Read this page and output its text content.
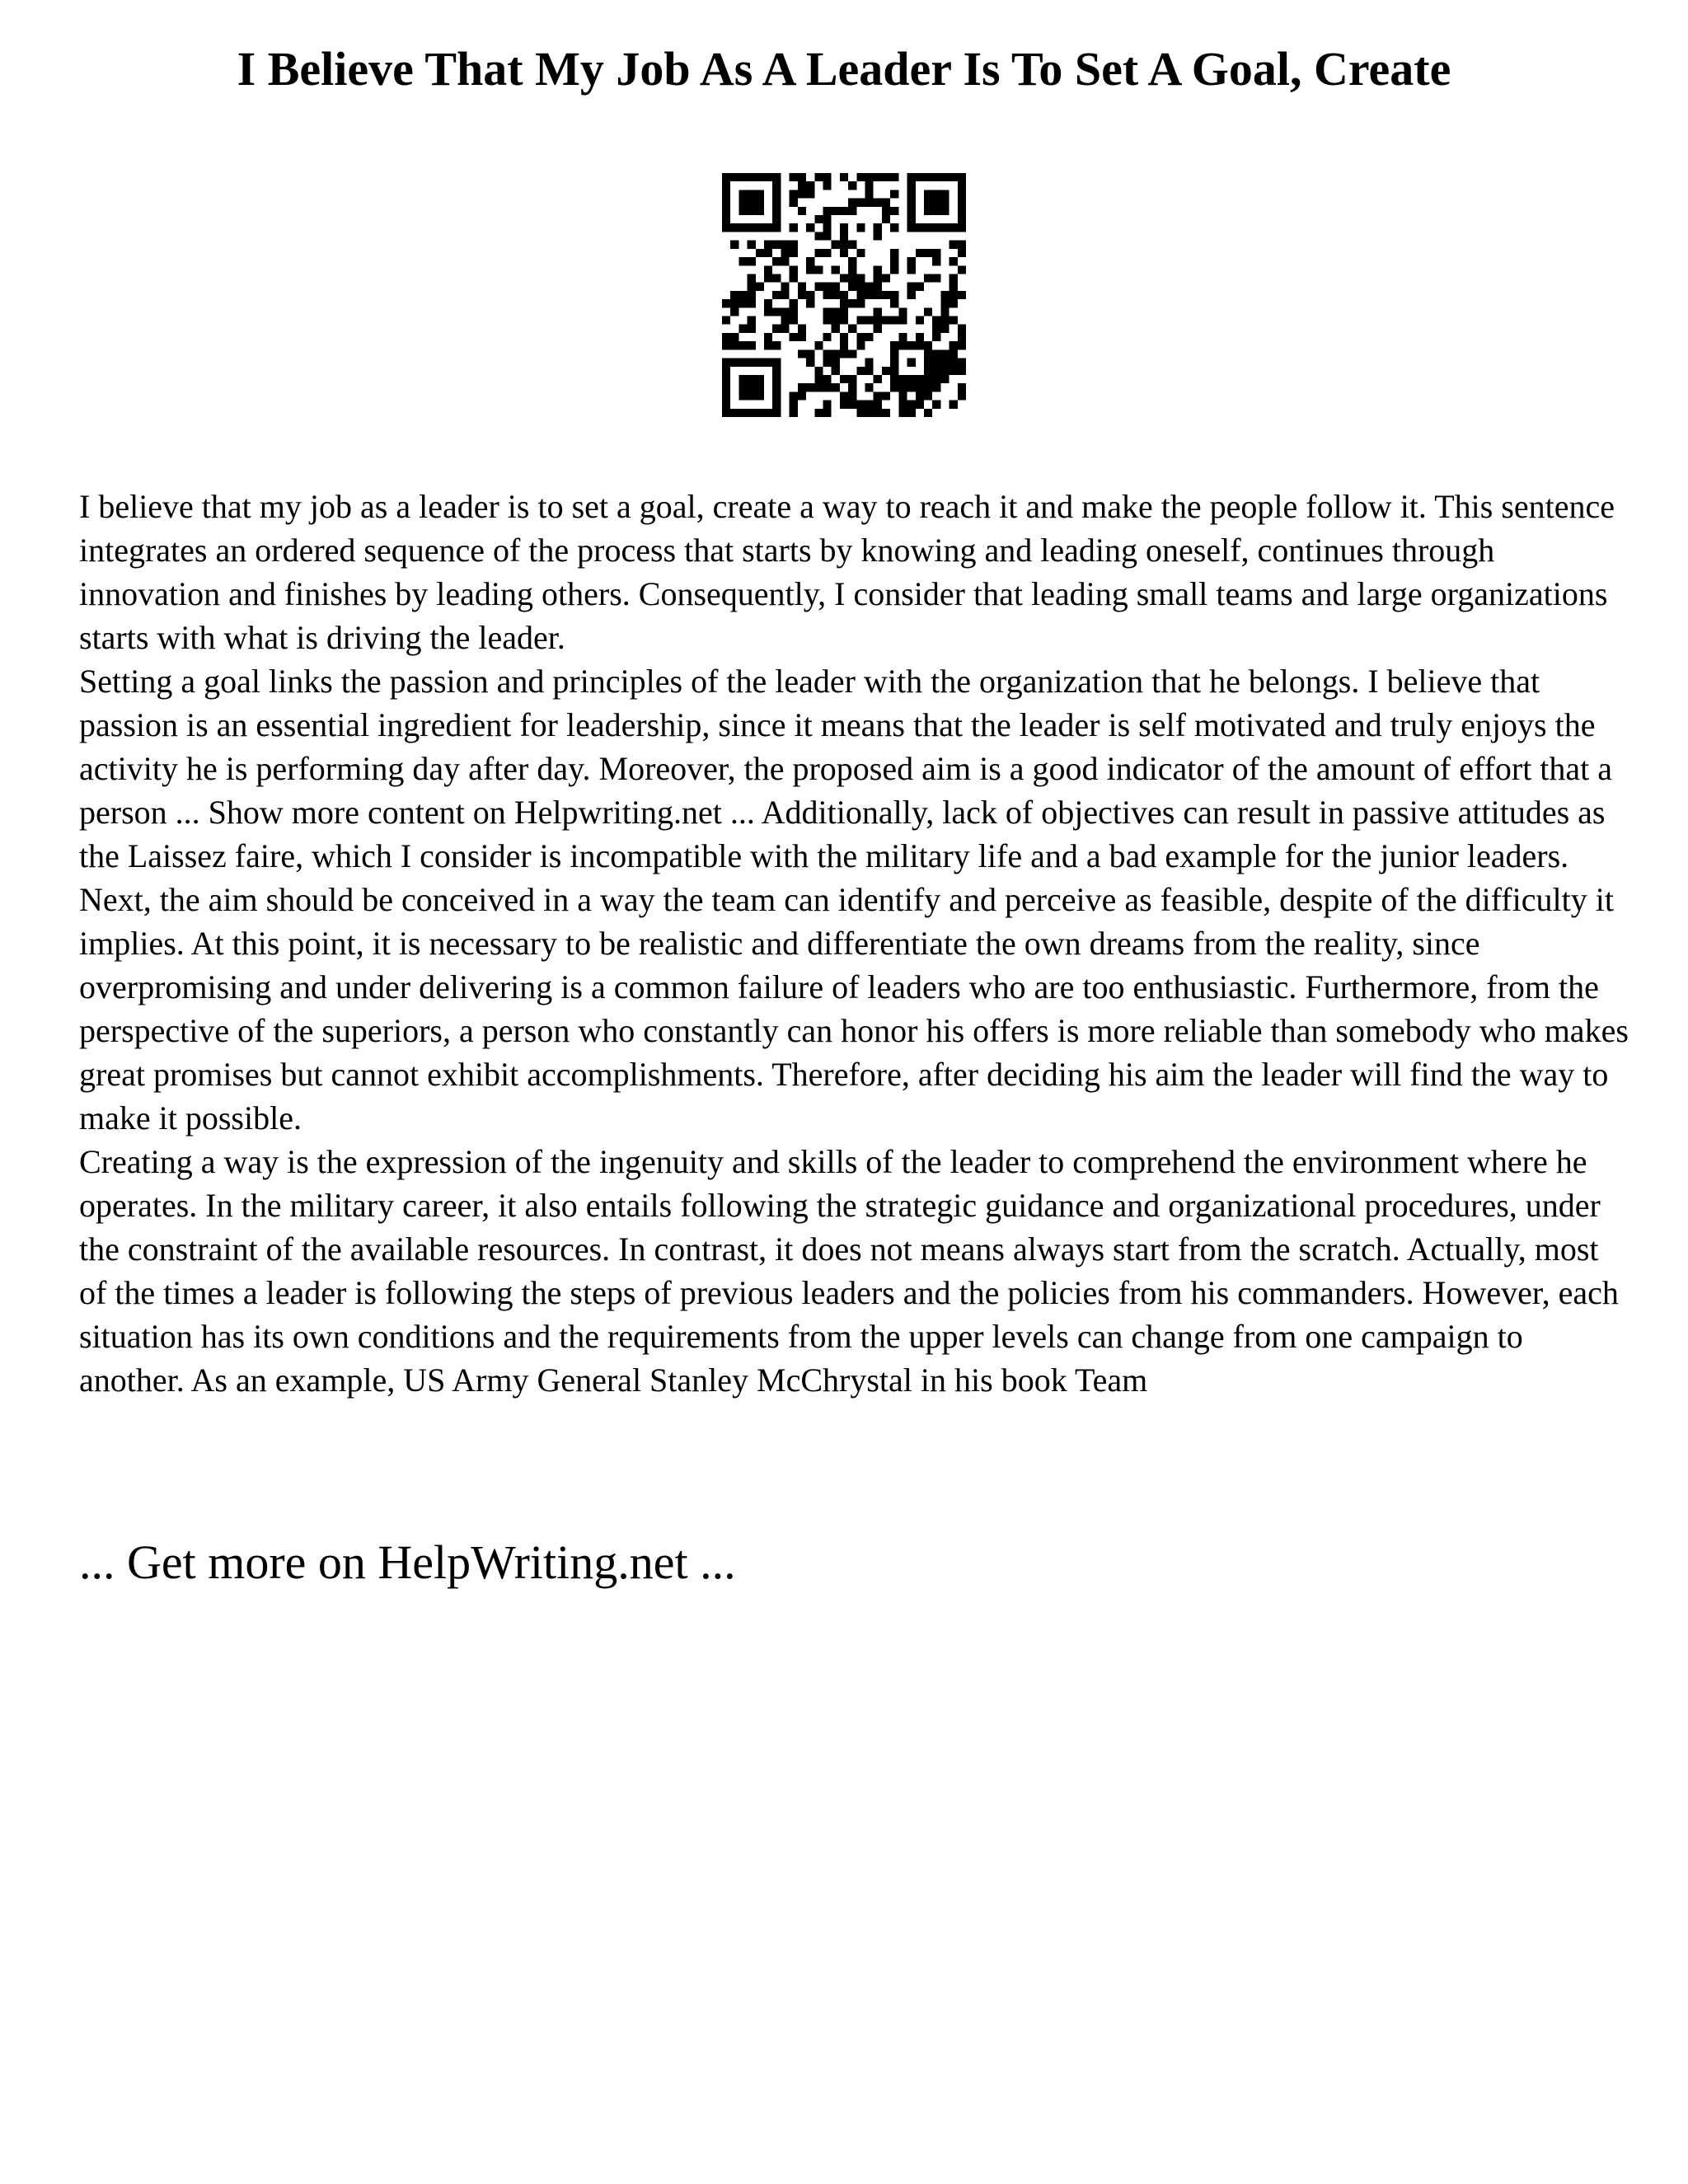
I Believe That My Job As A Leader Is To Set A Goal, Create

I believe that my job as a leader is to set a goal, create a way to reach it and make the people follow it. This sentence integrates an ordered sequence of the process that starts by knowing and leading oneself, continues through innovation and finishes by leading others. Consequently, I consider that leading small teams and large organizations starts with what is driving the leader.

Setting a goal links the passion and principles of the leader with the organization that he belongs. I believe that passion is an essential ingredient for leadership, since it means that the leader is self motivated and truly enjoys the activity he is performing day after day. Moreover, the proposed aim is a good indicator of the amount of effort that a person ... Show more content on Helpwriting.net ... Additionally, lack of objectives can result in passive attitudes as the Laissez faire, which I consider is incompatible with the military life and a bad example for the junior leaders. Next, the aim should be conceived in a way the team can identify and perceive as feasible, despite of the difficulty it implies. At this point, it is necessary to be realistic and differentiate the own dreams from the reality, since overpromising and under delivering is a common failure of leaders who are too enthusiastic. Furthermore, from the perspective of the superiors, a person who constantly can honor his offers is more reliable than somebody who makes great promises but cannot exhibit accomplishments. Therefore, after deciding his aim the leader will find the way to make it possible.

Creating a way is the expression of the ingenuity and skills of the leader to comprehend the environment where he operates. In the military career, it also entails following the strategic guidance and organizational procedures, under the constraint of the available resources. In contrast, it does not means always start from the scratch. Actually, most of the times a leader is following the steps of previous leaders and the policies from his commanders. However, each situation has its own conditions and the requirements from the upper levels can change from one campaign to another. As an example, US Army General Stanley McChrystal in his book Team

... Get more on HelpWriting.net ...
